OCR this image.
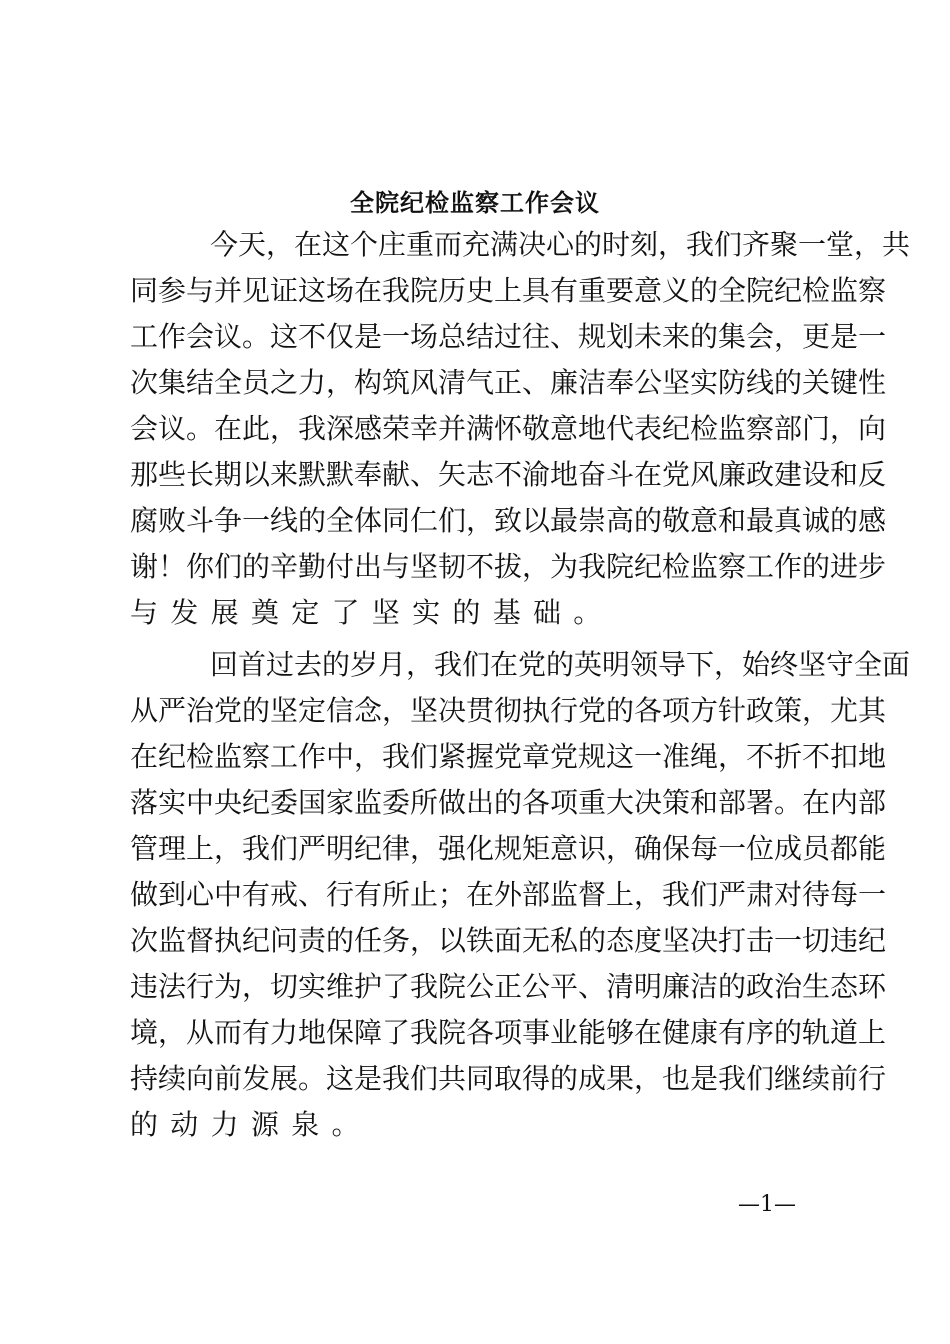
全院纪检监察工作会议
今天，在这个庄重而充满决心的时刻，我们齐聚一堂，共
同参与并见证这场在我院历史上具有重要意义的全院纪检监察
工作会议。这不仅是一场总结过往、规划未来的集会，更是一
次集结全员之力，构筑风清气正、廉洁奉公坚实防线的关键性
会议。在此，我深感荣幸并满怀敬意地代表纪检监察部门，向
那些长期以来默默奉献、矢志不渝地奋斗在党风廉政建设和反
腐败斗争一线的全体同仁们，致以最崇高的敬意和最真诚的感
谢！你们的辛勤付出与坚韧不拔，为我院纪检监察工作的进步
与发展奠定了坚实的基础。
回首过去的岁月，我们在党的英明领导下，始终坚守全面
从严治党的坚定信念，坚决贯彻执行党的各项方针政策，尤其
在纪检监察工作中，我们紧握党章党规这一准绳，不折不扣地
落实中央纪委国家监委所做出的各项重大决策和部署。在内部
管理上，我们严明纪律，强化规矩意识，确保每一位成员都能
做到心中有戒、行有所止；在外部监督上，我们严肃对待每一
次监督执纪问责的任务，以铁面无私的态度坚决打击一切违纪
违法行为，切实维护了我院公正公平、清明廉洁的政治生态环
境，从而有力地保障了我院各项事业能够在健康有序的轨道上
持续向前发展。这是我们共同取得的成果，也是我们继续前行
的动力源泉。
—1—
